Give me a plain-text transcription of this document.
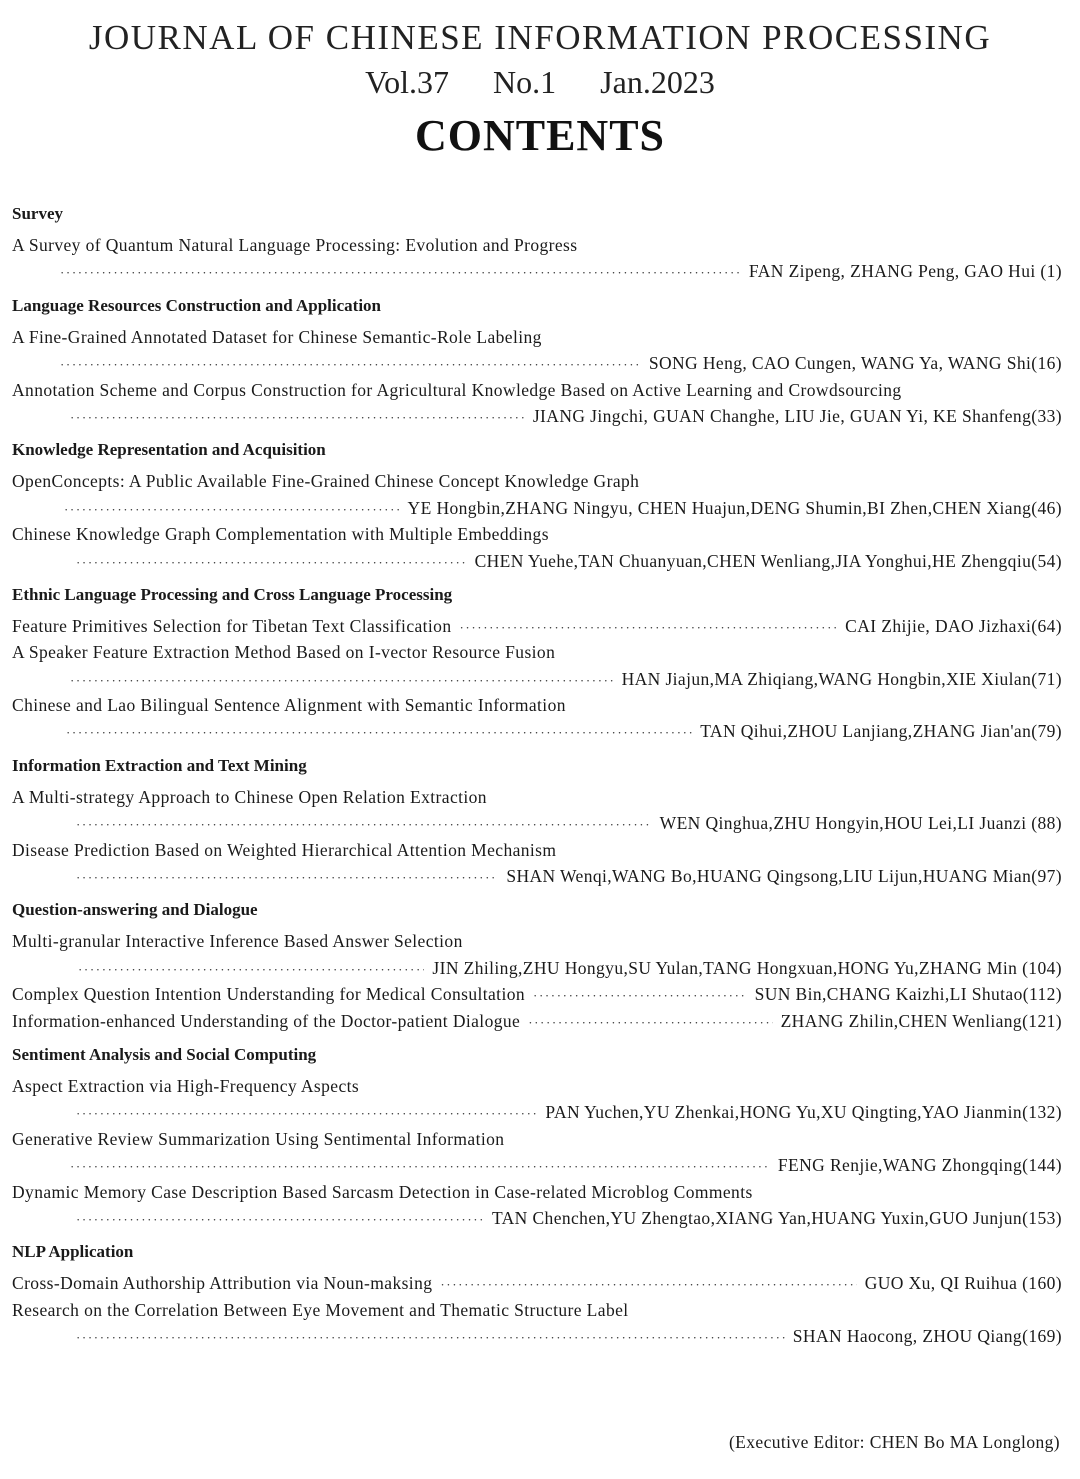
JOURNAL OF CHINESE INFORMATION PROCESSING
Vol.37 No.1 Jan.2023
CONTENTS
Survey
A Survey of Quantum Natural Language Processing: Evolution and Progress
·····
FAN Zipeng, ZHANG Peng, GAO Hui (1)
Language Resources Construction and Application
A Fine-Grained Annotated Dataset for Chinese Semantic-Role Labeling
·····
SONG Heng, CAO Cungen, WANG Ya, WANG Shi(16)
Annotation Scheme and Corpus Construction for Agricultural Knowledge Based on Active Learning and Crowdsourcing
·····
JIANG Jingchi, GUAN Changhe, LIU Jie, GUAN Yi, KE Shanfeng(33)
Knowledge Representation and Acquisition
OpenConcepts: A Public Available Fine-Grained Chinese Concept Knowledge Graph
·····
YE Hongbin,ZHANG Ningyu, CHEN Huajun,DENG Shumin,BI Zhen,CHEN Xiang(46)
Chinese Knowledge Graph Complementation with Multiple Embeddings
·····
CHEN Yuehe,TAN Chuanyuan,CHEN Wenliang,JIA Yonghui,HE Zhengqiu(54)
Ethnic Language Processing and Cross Language Processing
Feature Primitives Selection for Tibetan Text Classification ·····	CAI Zhijie, DAO Jizhaxi(64)
A Speaker Feature Extraction Method Based on I-vector Resource Fusion
·····
HAN Jiajun,MA Zhiqiang,WANG Hongbin,XIE Xiulan(71)
Chinese and Lao Bilingual Sentence Alignment with Semantic Information
·····
TAN Qihui,ZHOU Lanjiang,ZHANG Jian'an(79)
Information Extraction and Text Mining
A Multi-strategy Approach to Chinese Open Relation Extraction
·····
WEN Qinghua,ZHU Hongyin,HOU Lei,LI Juanzi (88)
Disease Prediction Based on Weighted Hierarchical Attention Mechanism
·····
SHAN Wenqi,WANG Bo,HUANG Qingsong,LIU Lijun,HUANG Mian(97)
Question-answering and Dialogue
Multi-granular Interactive Inference Based Answer Selection
·····
JIN Zhiling,ZHU Hongyu,SU Yulan,TANG Hongxuan,HONG Yu,ZHANG Min (104)
Complex Question Intention Understanding for Medical Consultation ·····	SUN Bin,CHANG Kaizhi,LI Shutao(112)
Information-enhanced Understanding of the Doctor-patient Dialogue ·····	ZHANG Zhilin,CHEN Wenliang(121)
Sentiment Analysis and Social Computing
Aspect Extraction via High-Frequency Aspects
·····
PAN Yuchen,YU Zhenkai,HONG Yu,XU Qingting,YAO Jianmin(132)
Generative Review Summarization Using Sentimental Information
·····
FENG Renjie,WANG Zhongqing(144)
Dynamic Memory Case Description Based Sarcasm Detection in Case-related Microblog Comments
·····
TAN Chenchen,YU Zhengtao,XIANG Yan,HUANG Yuxin,GUO Junjun(153)
NLP Application
Cross-Domain Authorship Attribution via Noun-maksing ·····	GUO Xu, QI Ruihua (160)
Research on the Correlation Between Eye Movement and Thematic Structure Label
·····
SHAN Haocong, ZHOU Qiang(169)
(Executive Editor: CHEN Bo MA Longlong)
